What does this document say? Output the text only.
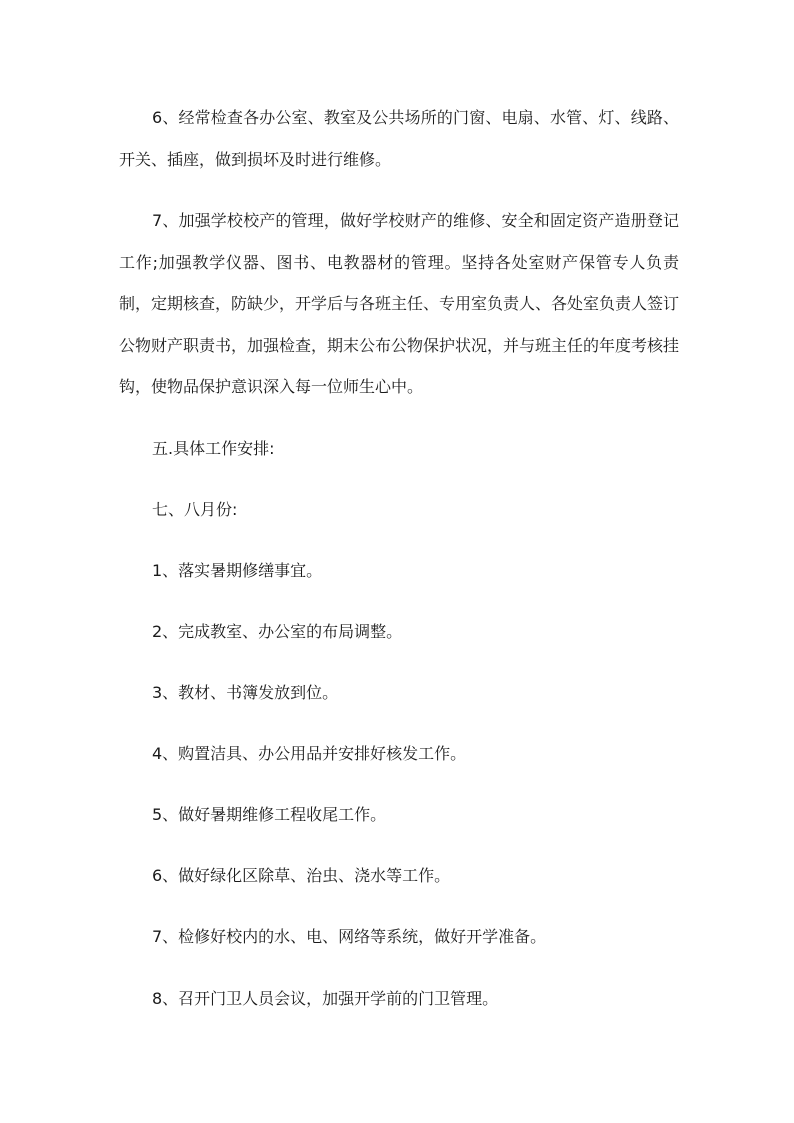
6、经常检查各办公室、教室及公共场所的门窗、电扇、水管、灯、线路、开关、插座，做到损坏及时进行维修。

7、加强学校校产的管理，做好学校财产的维修、安全和固定资产造册登记工作;加强教学仪器、图书、电教器材的管理。坚持各处室财产保管专人负责制，定期核查，防缺少，开学后与各班主任、专用室负责人、各处室负责人签订公物财产职责书，加强检查，期末公布公物保护状况，并与班主任的年度考核挂钩，使物品保护意识深入每一位师生心中。

五.具体工作安排:

七、八月份:

1、落实暑期修缮事宜。

2、完成教室、办公室的布局调整。

3、教材、书簿发放到位。

4、购置洁具、办公用品并安排好核发工作。

5、做好暑期维修工程收尾工作。

6、做好绿化区除草、治虫、浇水等工作。

7、检修好校内的水、电、网络等系统，做好开学准备。

8、召开门卫人员会议，加强开学前的门卫管理。
